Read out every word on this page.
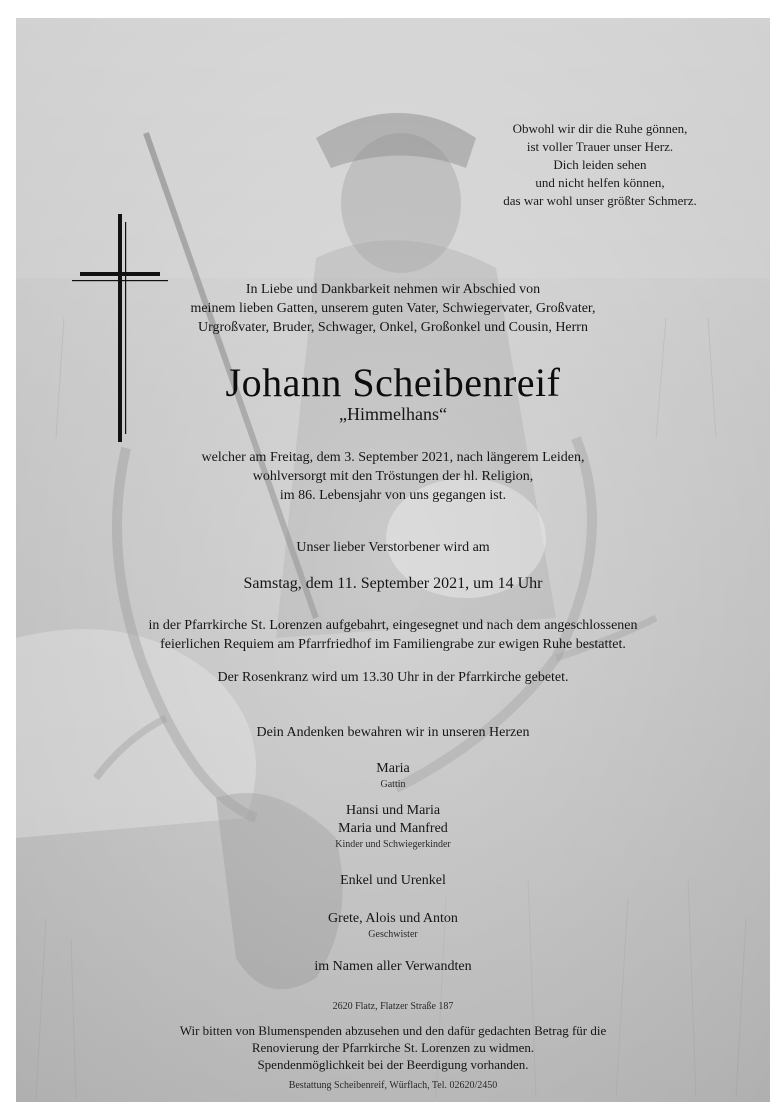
Obwohl wir dir die Ruhe gönnen,
ist voller Trauer unser Herz.
Dich leiden sehen
und nicht helfen können,
das war wohl unser größter Schmerz.
In Liebe und Dankbarkeit nehmen wir Abschied von
meinem lieben Gatten, unserem guten Vater, Schwiegervater, Großvater,
Urgroßvater, Bruder, Schwager, Onkel, Großonkel und Cousin, Herrn
Johann Scheibenreif
„Himmelhans“
welcher am Freitag, dem 3. September 2021, nach längerem Leiden,
wohlversorgt mit den Tröstungen der hl. Religion,
im 86. Lebensjahr von uns gegangen ist.
Unser lieber Verstorbener wird am
Samstag, dem 11. September 2021, um 14 Uhr
in der Pfarrkirche St. Lorenzen aufgebahrt, eingesegnet und nach dem angeschlossenen
feierlichen Requiem am Pfarrfriedhof im Familiengrabe zur ewigen Ruhe bestattet.
Der Rosenkranz wird um 13.30 Uhr in der Pfarrkirche gebetet.
Dein Andenken bewahren wir in unseren Herzen
Maria
Gattin
Hansi und Maria
Maria und Manfred
Kinder und Schwiegerkinder
Enkel und Urenkel
Grete, Alois und Anton
Geschwister
im Namen aller Verwandten
2620 Flatz, Flatzer Straße 187
Wir bitten von Blumenspenden abzusehen und den dafür gedachten Betrag für die
Renovierung der Pfarrkirche St. Lorenzen zu widmen.
Spendenmöglichkeit bei der Beerdigung vorhanden.
Bestattung Scheibenreif, Würflach, Tel. 02620/2450
